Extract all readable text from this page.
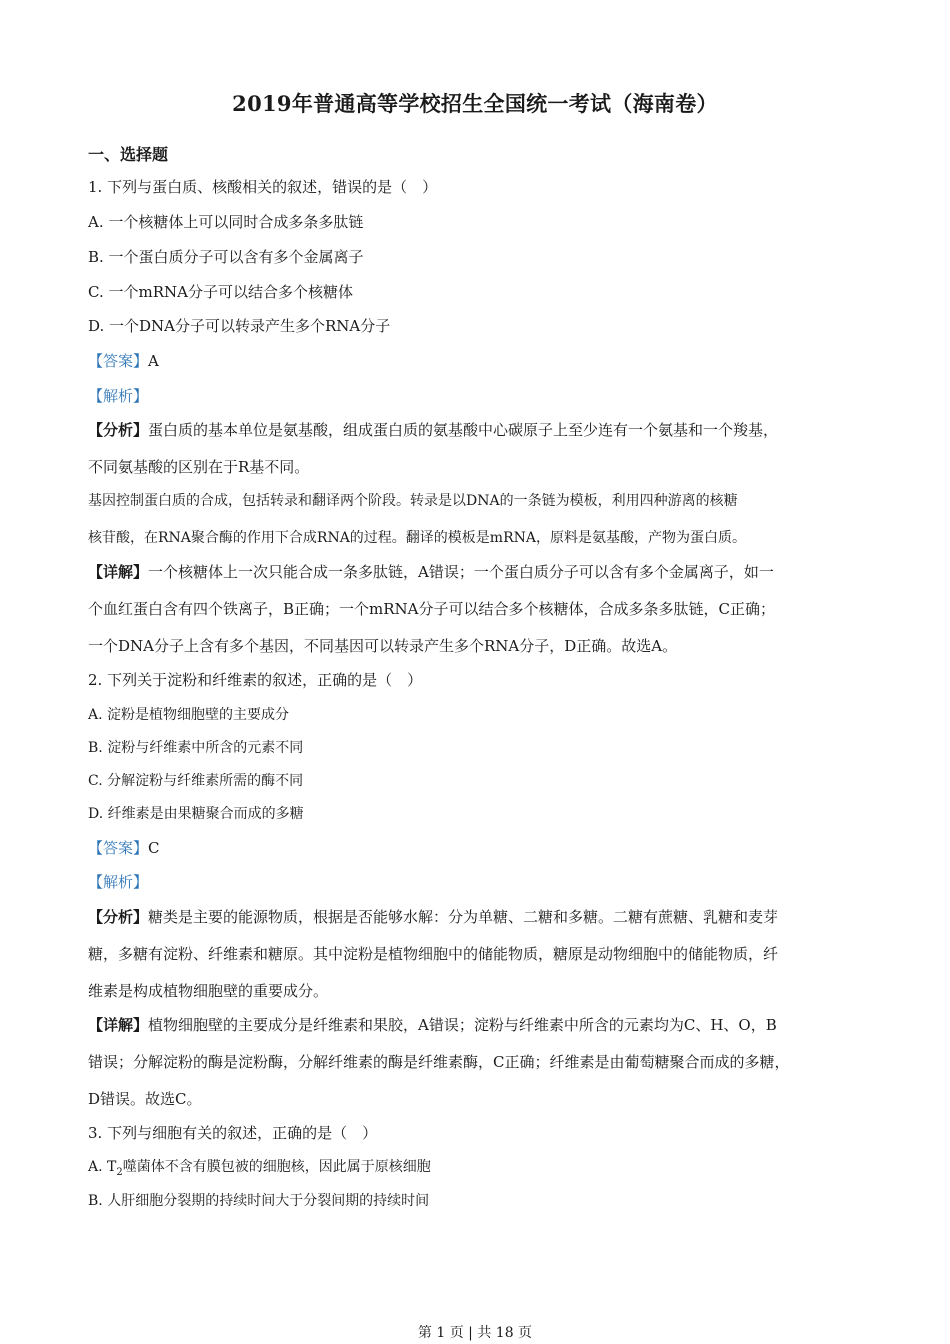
2019年普通高等学校招生全国统一考试（海南卷）
一、选择题
1. 下列与蛋白质、核酸相关的叙述，错误的是（　）
A. 一个核糖体上可以同时合成多条多肽链
B. 一个蛋白质分子可以含有多个金属离子
C. 一个mRNA分子可以结合多个核糖体
D. 一个DNA分子可以转录产生多个RNA分子
【答案】A
【解析】
【分析】蛋白质的基本单位是氨基酸，组成蛋白质的氨基酸中心碳原子上至少连有一个氨基和一个羧基，
不同氨基酸的区别在于R基不同。
基因控制蛋白质的合成，包括转录和翻译两个阶段。转录是以DNA的一条链为模板，利用四种游离的核糖
核苷酸，在RNA聚合酶的作用下合成RNA的过程。翻译的模板是mRNA，原料是氨基酸，产物为蛋白质。
【详解】一个核糖体上一次只能合成一条多肽链，A错误；一个蛋白质分子可以含有多个金属离子，如一
个血红蛋白含有四个铁离子，B正确；一个mRNA分子可以结合多个核糖体，合成多条多肽链，C正确；
一个DNA分子上含有多个基因，不同基因可以转录产生多个RNA分子，D正确。故选A。
2. 下列关于淀粉和纤维素的叙述，正确的是（　）
A. 淀粉是植物细胞壁的主要成分
B. 淀粉与纤维素中所含的元素不同
C. 分解淀粉与纤维素所需的酶不同
D. 纤维素是由果糖聚合而成的多糖
【答案】C
【解析】
【分析】糖类是主要的能源物质，根据是否能够水解：分为单糖、二糖和多糖。二糖有蔗糖、乳糖和麦芽
糖，多糖有淀粉、纤维素和糖原。其中淀粉是植物细胞中的储能物质，糖原是动物细胞中的储能物质，纤
维素是构成植物细胞壁的重要成分。
【详解】植物细胞壁的主要成分是纤维素和果胶，A错误；淀粉与纤维素中所含的元素均为C、H、O，B
错误；分解淀粉的酶是淀粉酶，分解纤维素的酶是纤维素酶，C正确；纤维素是由葡萄糖聚合而成的多糖，
D错误。故选C。
3. 下列与细胞有关的叙述，正确的是（　）
A. $T_2$噬菌体不含有膜包被的细胞核，因此属于原核细胞
B. 人肝细胞分裂期的持续时间大于分裂间期的持续时间
第 1 页 | 共 18 页
